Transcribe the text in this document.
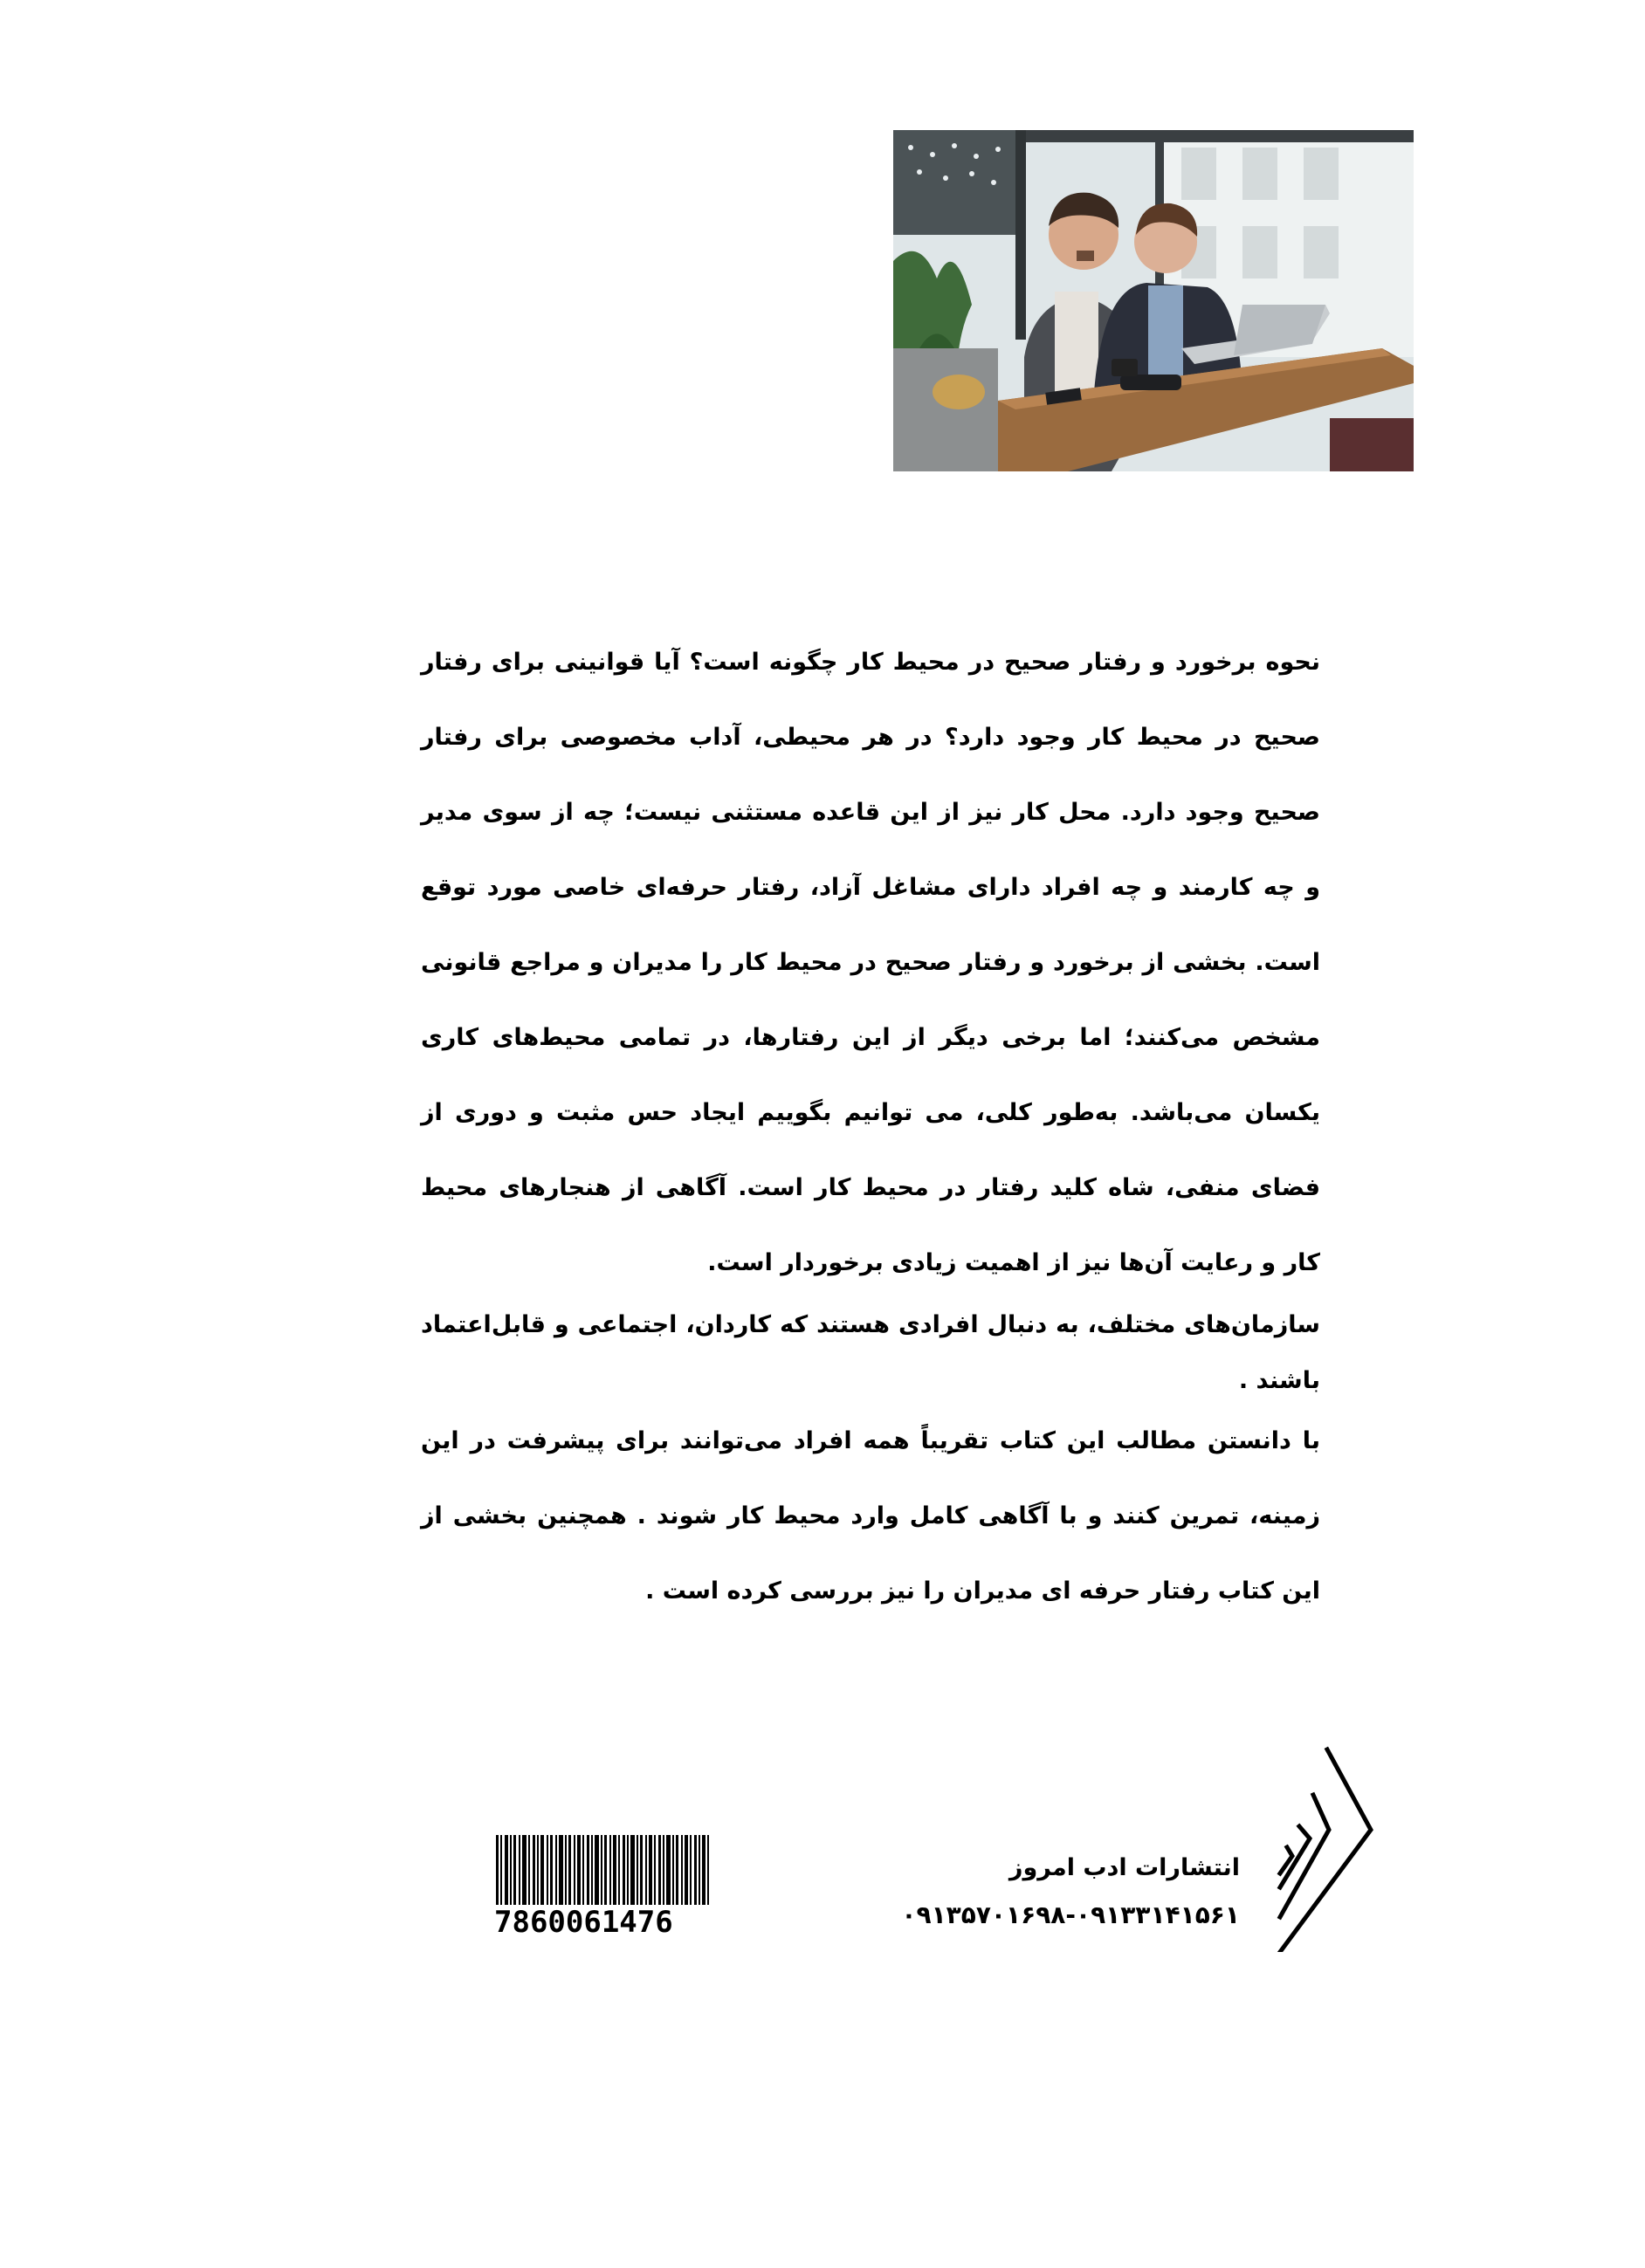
نحوه برخورد و رفتار صحیح در محیط کار چگونه است؟ آیا قوانینی برای رفتار صحیح در محیط کار وجود دارد؟ در هر محیطی، آداب مخصوصی برای رفتار صحیح وجود دارد. محل کار نیز از این قاعده مستثنی نیست؛ چه از سوی مدیر و چه کارمند و چه افراد دارای مشاغل آزاد، رفتار حرفه‌ای خاصی مورد توقع است. بخشی از برخورد و رفتار صحیح در محیط کار را مدیران و مراجع قانونی مشخص می‌کنند؛ اما برخی دیگر از این رفتارها، در تمامی محیط‌های کاری یکسان می‌باشد. به‌طور کلی، می توانیم بگوییم ایجاد حس مثبت و دوری از فضای منفی، شاه کلید رفتار در محیط کار است. آگاهی از هنجارهای محیط کار و رعایت آن‌ها نیز از اهمیت زیادی برخوردار است.

سازمان‌های مختلف، به دنبال افرادی هستند که کاردان، اجتماعی و قابل‌اعتماد باشند .

با دانستن مطالب این کتاب تقریباً همه افراد می‌توانند برای پیشرفت در این زمینه، تمرین کنند و با آگاهی کامل وارد محیط کار شوند . همچنین بخشی از این کتاب رفتار حرفه ای مدیران را نیز بررسی کرده است .

7860061476
انتشارات ادب امروز
۰۹۱۳۵۷۰۱۶۹۸-۰۹۱۳۳۱۴۱۵۶۱
